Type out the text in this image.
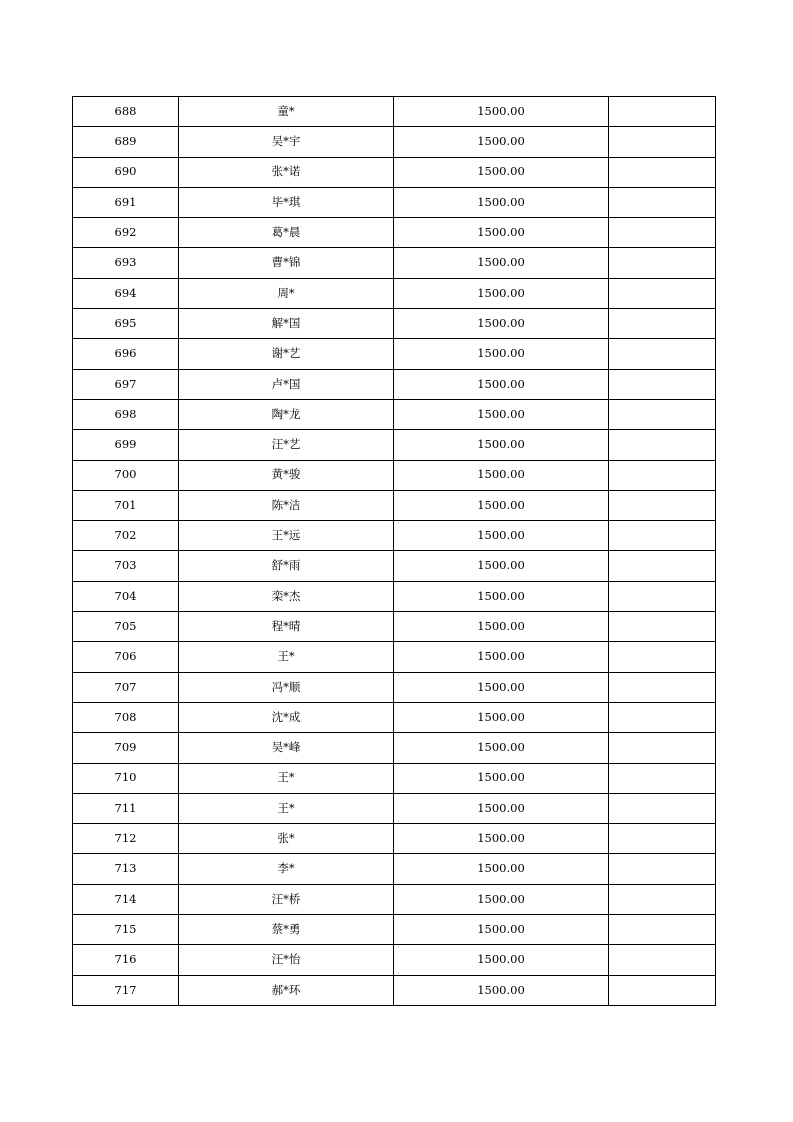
688	童*	1500.00	
689	吴*宇	1500.00	
690	张*诺	1500.00	
691	毕*琪	1500.00	
692	葛*晨	1500.00	
693	曹*锦	1500.00	
694	周*	1500.00	
695	解*国	1500.00	
696	谢*艺	1500.00	
697	卢*国	1500.00	
698	陶*龙	1500.00	
699	汪*艺	1500.00	
700	黄*骏	1500.00	
701	陈*洁	1500.00	
702	王*远	1500.00	
703	舒*雨	1500.00	
704	栾*杰	1500.00	
705	程*晴	1500.00	
706	王*	1500.00	
707	冯*顺	1500.00	
708	沈*成	1500.00	
709	吴*峰	1500.00	
710	王*	1500.00	
711	王*	1500.00	
712	张*	1500.00	
713	李*	1500.00	
714	汪*桥	1500.00	
715	蔡*勇	1500.00	
716	汪*怡	1500.00	
717	郝*环	1500.00	
